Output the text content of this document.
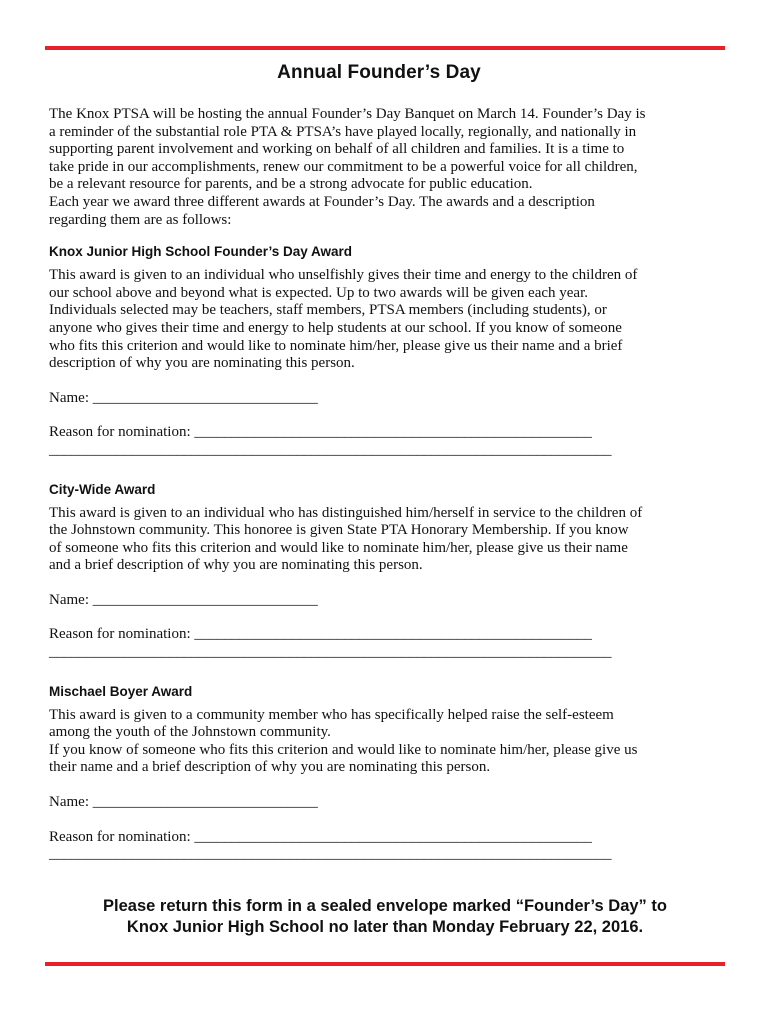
Annual Founder’s Day
The Knox PTSA will be hosting the annual Founder’s Day Banquet on March 14. Founder’s Day is
a reminder of the substantial role PTA & PTSA’s have played locally, regionally, and nationally in
supporting parent involvement and working on behalf of all children and families. It is a time to
take pride in our accomplishments, renew our commitment to be a powerful voice for all children,
be a relevant resource for parents, and be a strong advocate for public education.
Each year we award three different awards at Founder’s Day. The awards and a description
regarding them are as follows:
Knox Junior High School Founder’s Day Award
This award is given to an individual who unselfishly gives their time and energy to the children of
our school above and beyond what is expected. Up to two awards will be given each year.
Individuals selected may be teachers, staff members, PTSA members (including students), or
anyone who gives their time and energy to help students at our school. If you know of someone
who fits this criterion and would like to nominate him/her, please give us their name and a brief
description of why you are nominating this person.
Name: ______________________________
Reason for nomination: _____________________________________________________
___________________________________________________________________________
City-Wide Award
This award is given to an individual who has distinguished him/herself in service to the children of
the Johnstown community. This honoree is given State PTA Honorary Membership. If you know
of someone who fits this criterion and would like to nominate him/her, please give us their name
and a brief description of why you are nominating this person.
Name: ______________________________
Reason for nomination: _____________________________________________________
___________________________________________________________________________
Mischael Boyer Award
This award is given to a community member who has specifically helped raise the self-esteem
among the youth of the Johnstown community.
If you know of someone who fits this criterion and would like to nominate him/her, please give us
their name and a brief description of why you are nominating this person.
Name: ______________________________
Reason for nomination: _____________________________________________________
___________________________________________________________________________
Please return this form in a sealed envelope marked “Founder’s Day” to
Knox Junior High School no later than Monday February 22, 2016.
